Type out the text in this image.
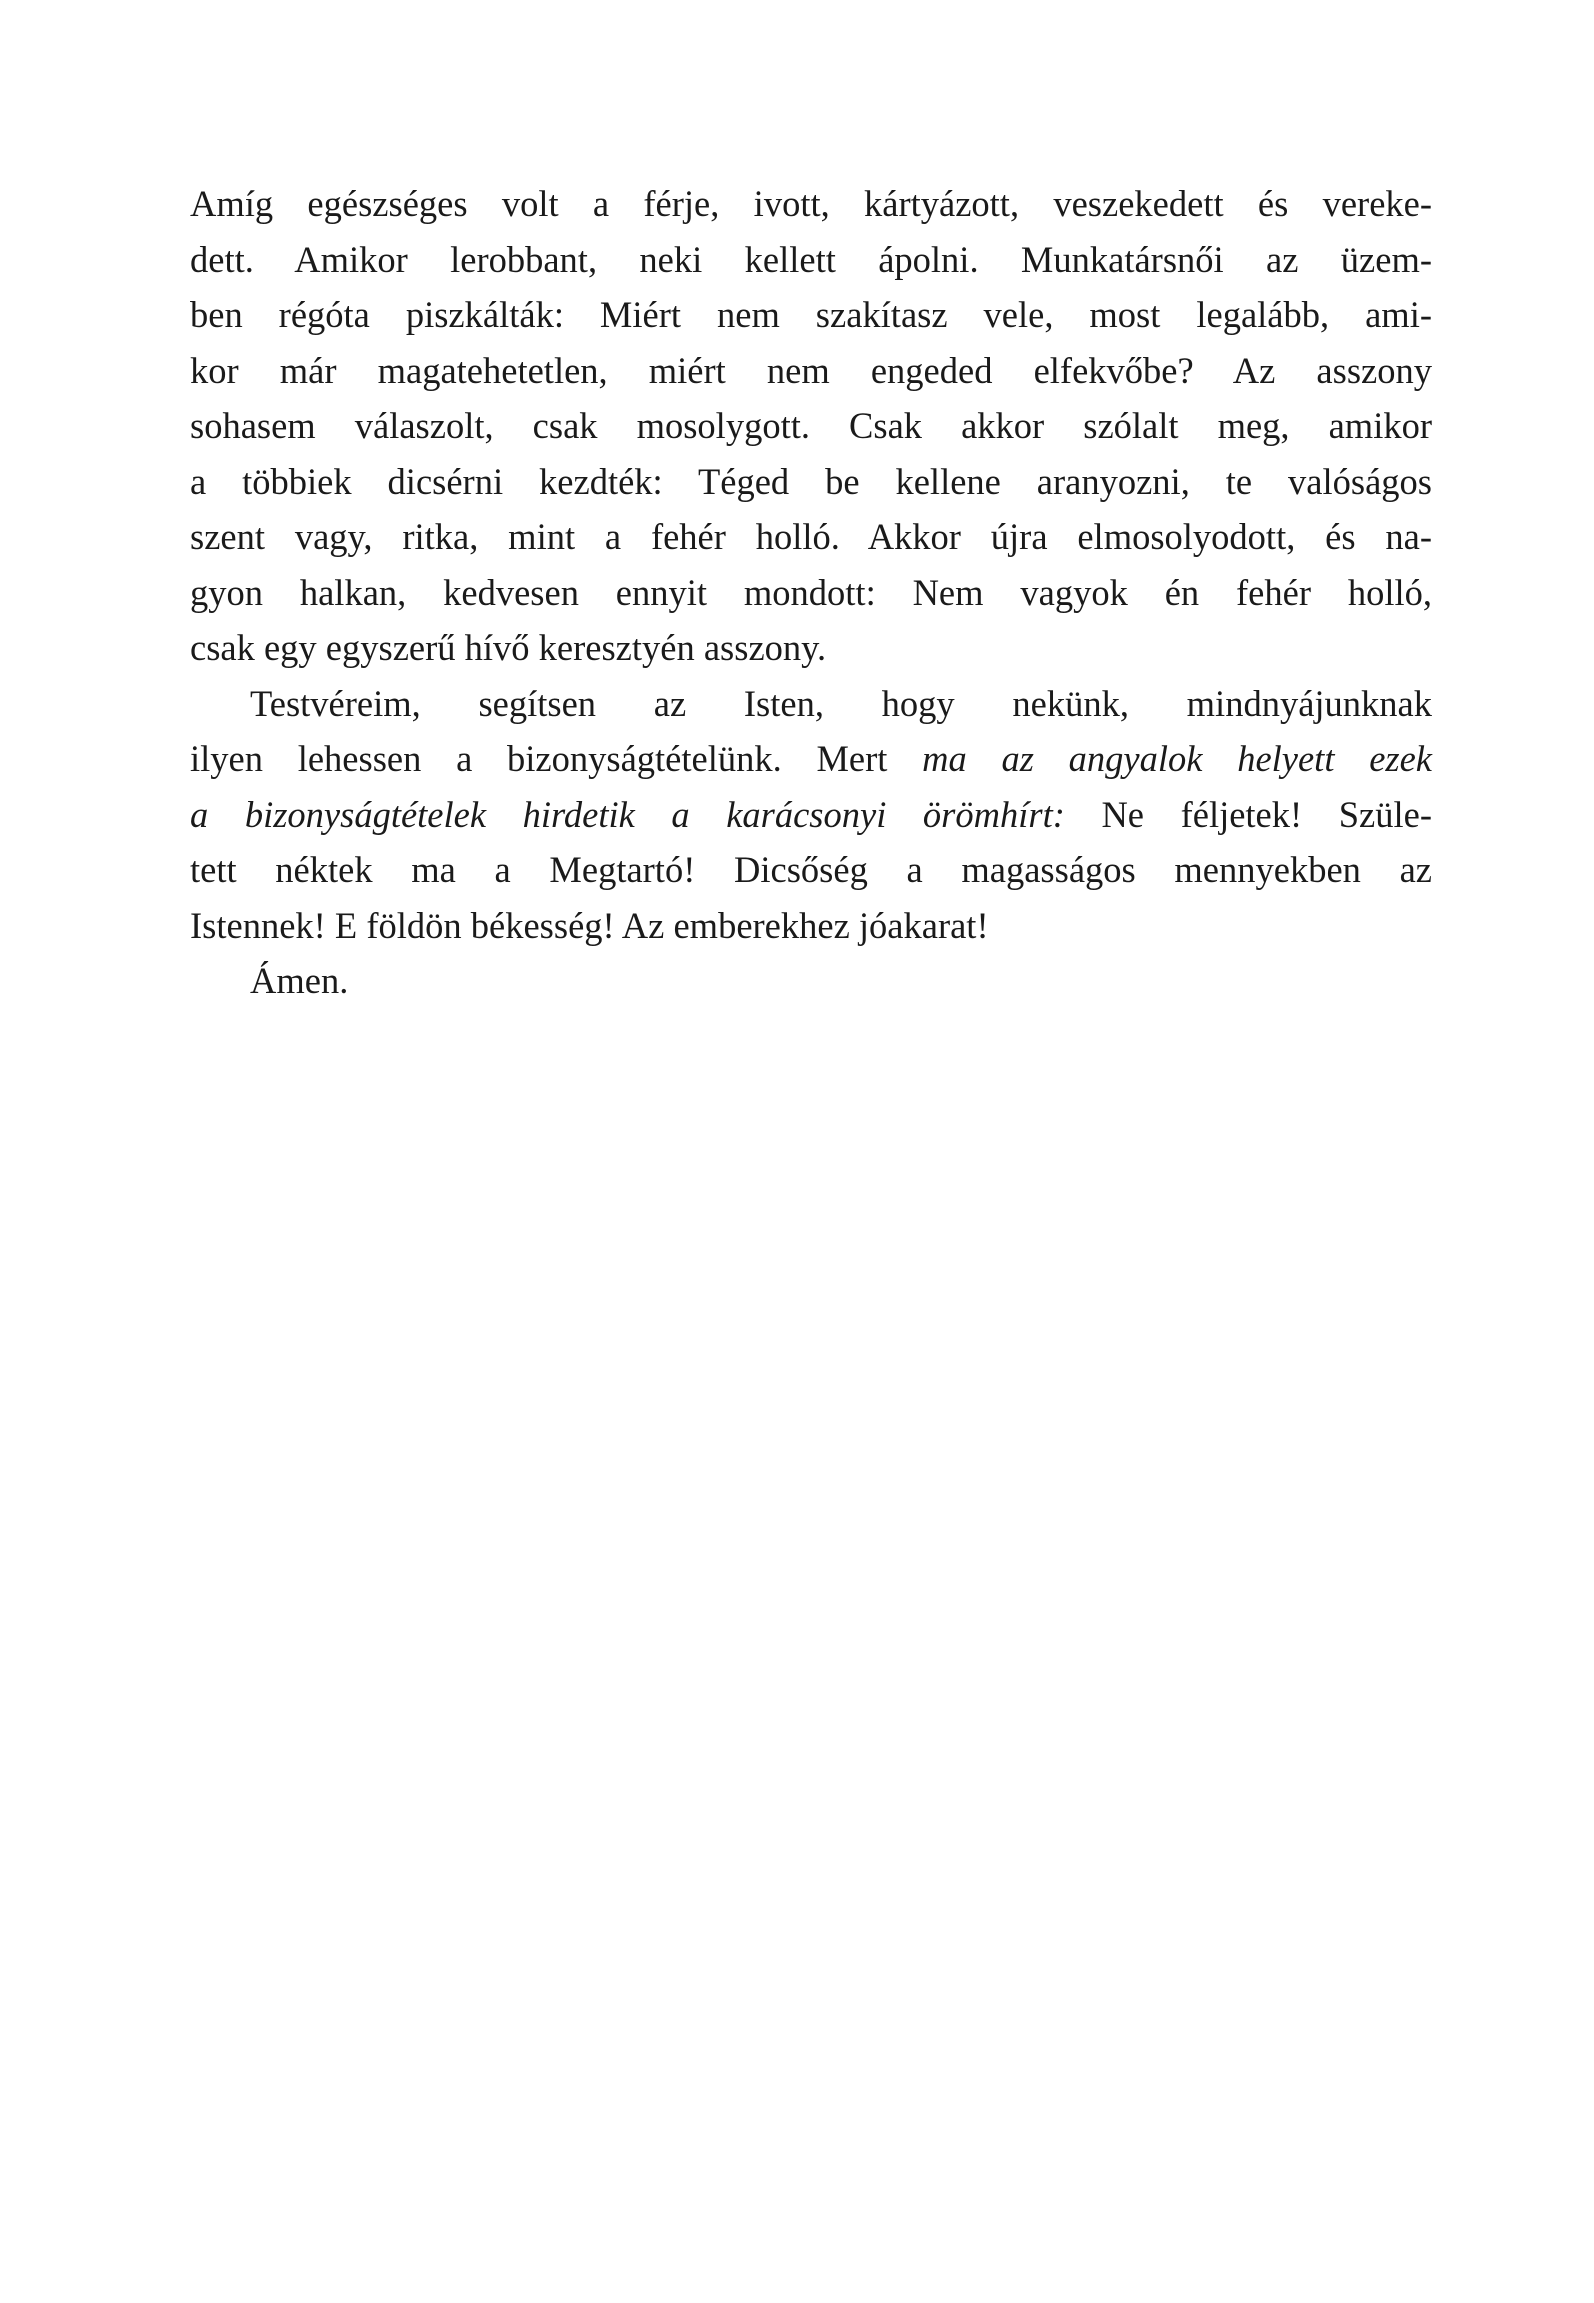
Amíg egészséges volt a férje, ivott, kártyázott, veszekedett és vereke-
dett. Amikor lerobbant, neki kellett ápolni. Munkatársnői az üzem-
ben régóta piszkálták: Miért nem szakítasz vele, most legalább, ami-
kor már magatehetetlen, miért nem engeded elfekvőbe? Az asszony
sohasem válaszolt, csak mosolygott. Csak akkor szólalt meg, amikor
a többiek dicsérni kezdték: Téged be kellene aranyozni, te valóságos
szent vagy, ritka, mint a fehér holló. Akkor újra elmosolyodott, és na-
gyon halkan, kedvesen ennyit mondott: Nem vagyok én fehér holló,
csak egy egyszerű hívő keresztyén asszony.
Testvéreim, segítsen az Isten, hogy nekünk, mindnyájunknak
ilyen lehessen a bizonyságtételünk. Mert ma az angyalok helyett ezek
a bizonyságtételek hirdetik a karácsonyi örömhírt: Ne féljetek! Szüle-
tett néktek ma a Megtartó! Dicsőség a magasságos mennyekben az
Istennek! E földön békesség! Az emberekhez jóakarat!
Ámen.
